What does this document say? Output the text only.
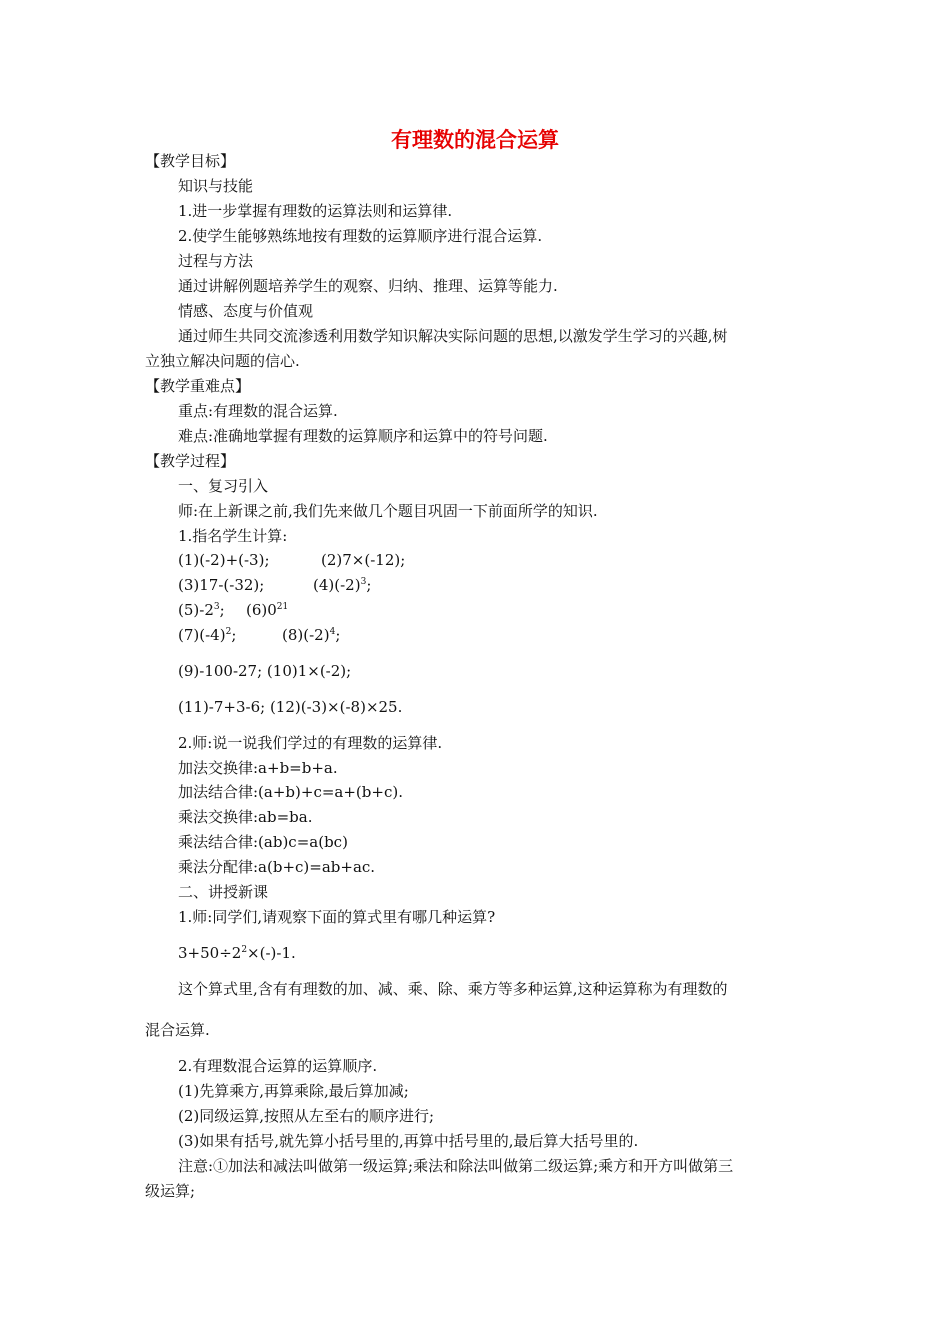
有理数的混合运算
【教学目标】
知识与技能
1.进一步掌握有理数的运算法则和运算律.
2.使学生能够熟练地按有理数的运算顺序进行混合运算.
过程与方法
通过讲解例题培养学生的观察、归纳、推理、运算等能力.
情感、态度与价值观
通过师生共同交流渗透利用数学知识解决实际问题的思想,以激发学生学习的兴趣,树
立独立解决问题的信心.
【教学重难点】
重点:有理数的混合运算.
难点:准确地掌握有理数的运算顺序和运算中的符号问题.
【教学过程】
一、复习引入
师:在上新课之前,我们先来做几个题目巩固一下前面所学的知识.
1.指名学生计算:
(1)(-2)+(-3);	(2)7×(-12);
(3)17-(-32);	$(4)(-2)^3$;
$(5)-2^3$; $(6)0^{21}$
$(7)(-4)^2$;	$(8)(-2)^4$;
(9)-100-27; (10)1×(-2);
(11)-7+3-6; (12)(-3)×(-8)×25.
2.师:说一说我们学过的有理数的运算律.
加法交换律:a+b=b+a.
加法结合律:(a+b)+c=a+(b+c).
乘法交换律:ab=ba.
乘法结合律:(ab)c=a(bc)
乘法分配律:a(b+c)=ab+ac.
二、讲授新课
1.师:同学们,请观察下面的算式里有哪几种运算?
$3+50\div 2^2\times(-)-1$.
这个算式里,含有有理数的加、减、乘、除、乘方等多种运算,这种运算称为有理数的
混合运算.
2.有理数混合运算的运算顺序.
(1)先算乘方,再算乘除,最后算加减;
(2)同级运算,按照从左至右的顺序进行;
(3)如果有括号,就先算小括号里的,再算中括号里的,最后算大括号里的.
注意:①加法和减法叫做第一级运算;乘法和除法叫做第二级运算;乘方和开方叫做第三
级运算;
